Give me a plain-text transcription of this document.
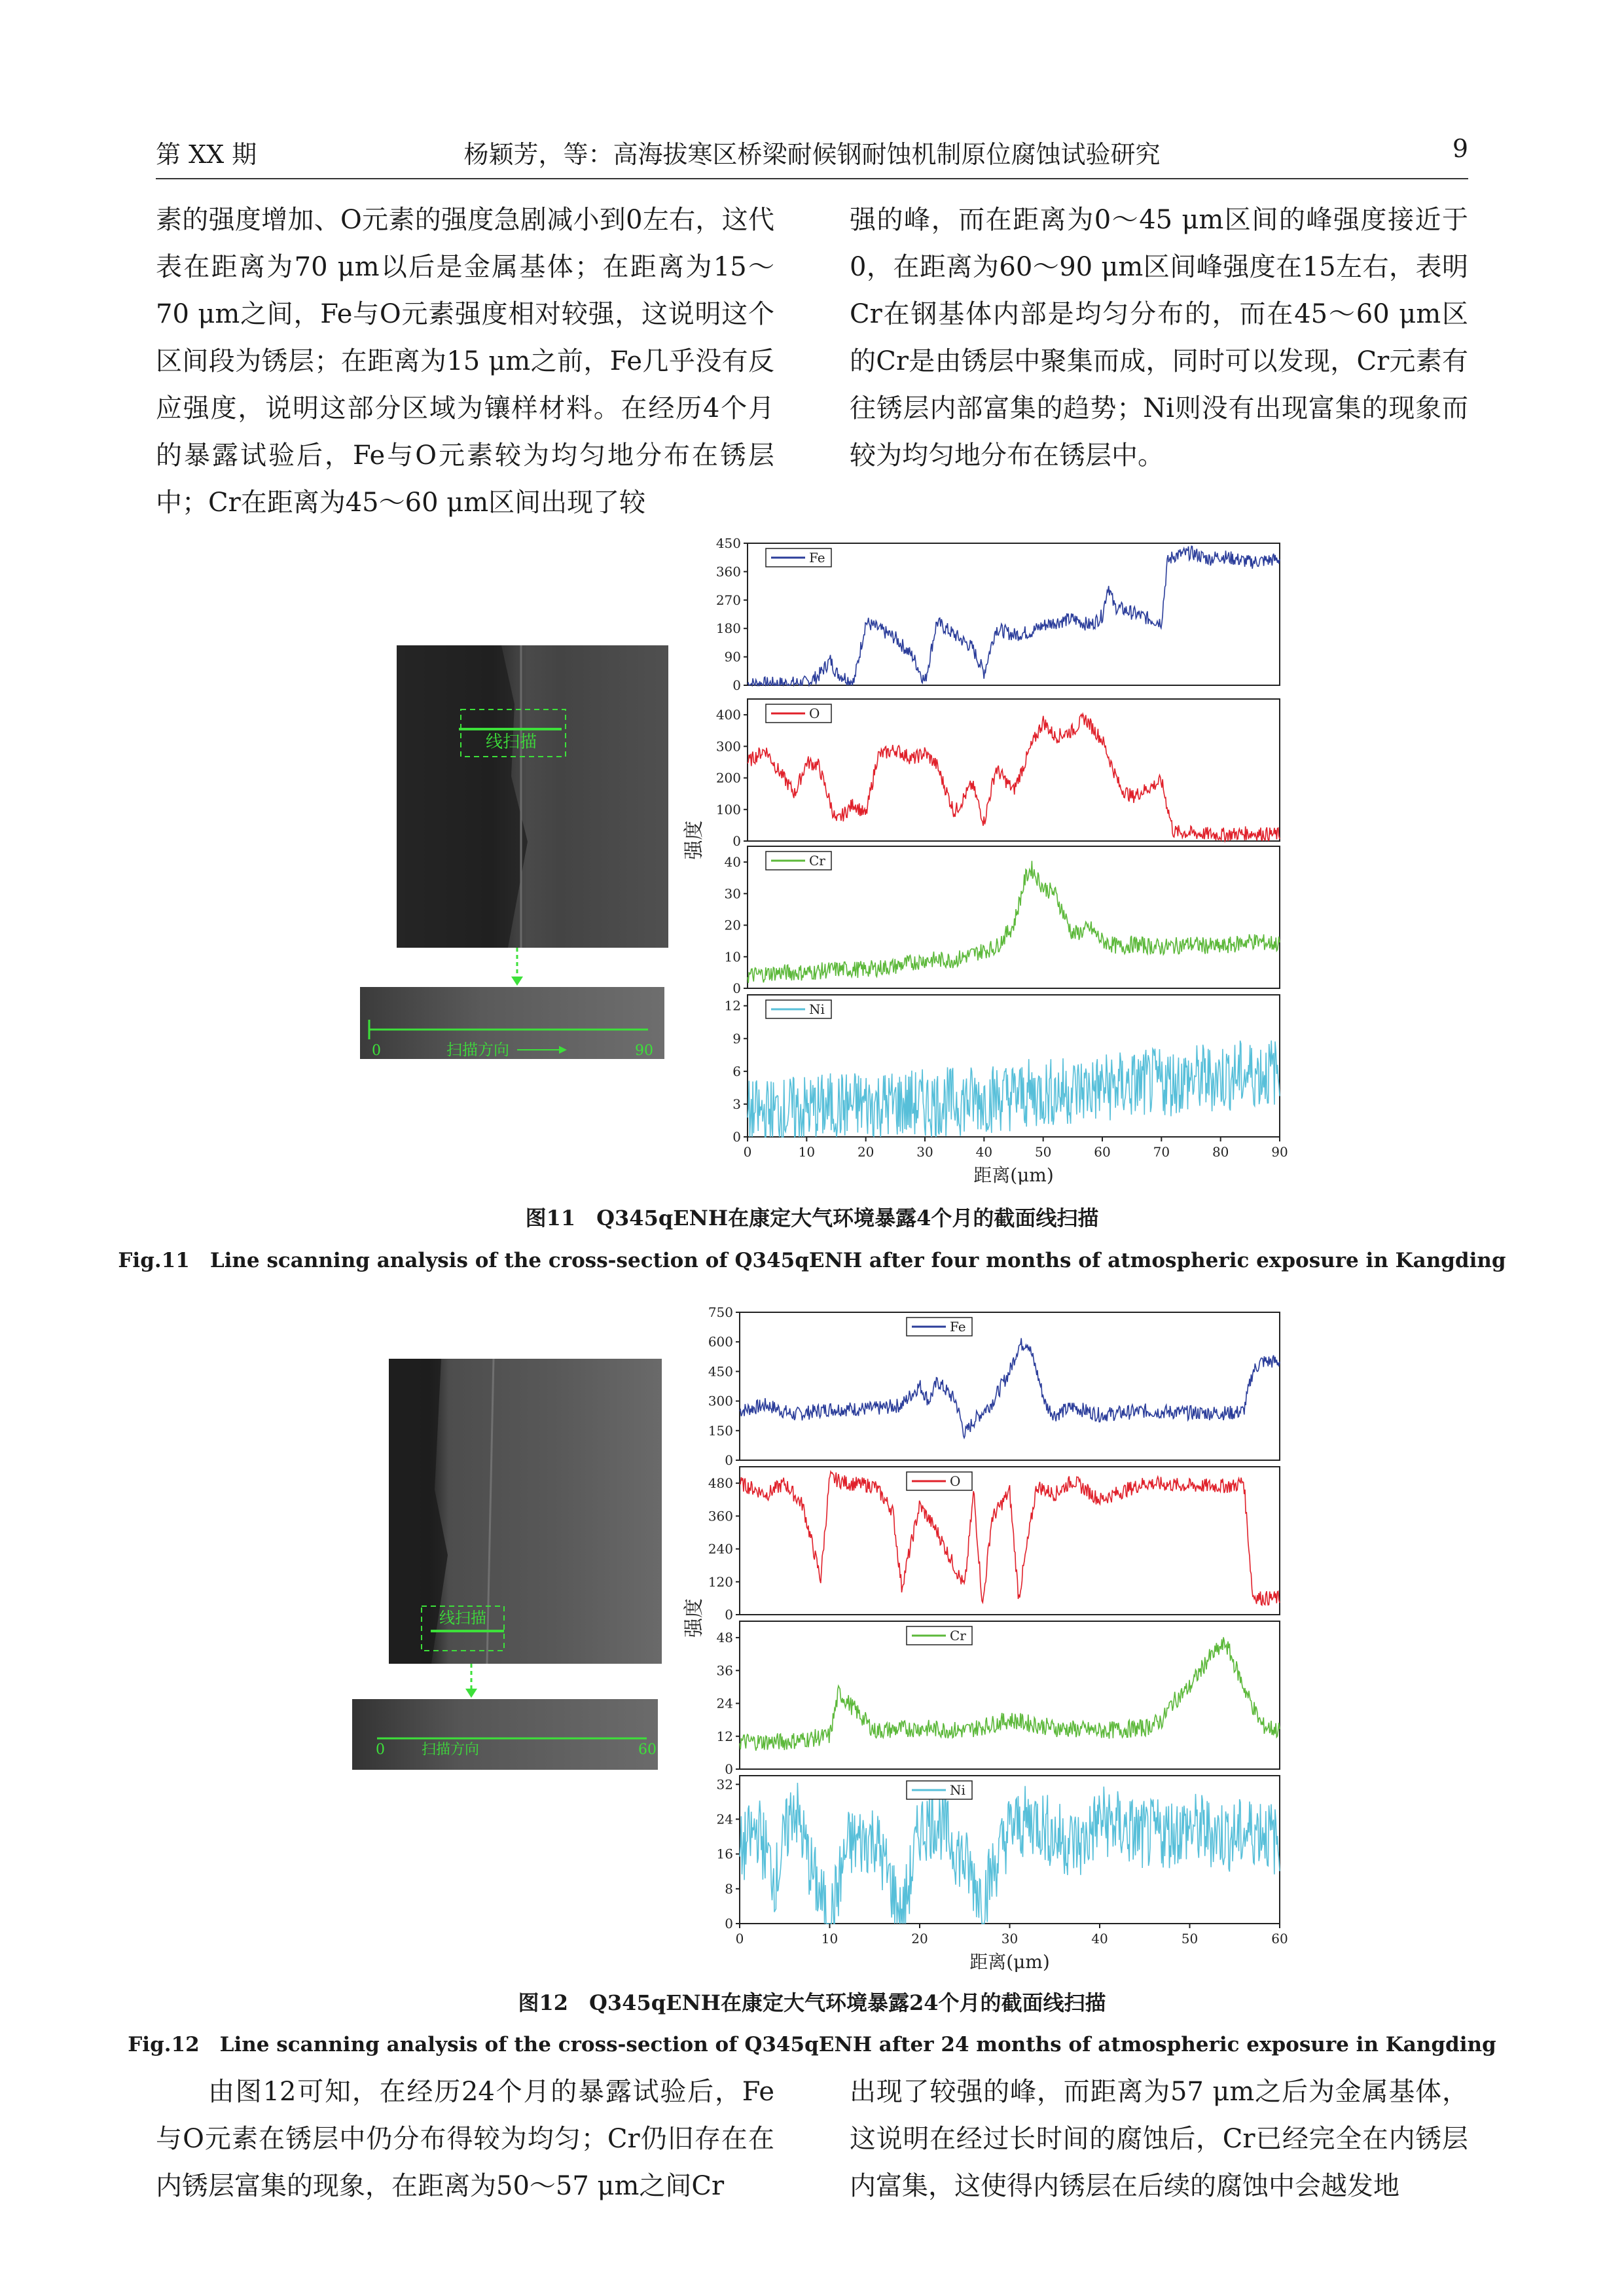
第 XX 期	杨颖芳，等：高海拔寒区桥梁耐候钢耐蚀机制原位腐蚀试验研究	9

素的强度增加、O元素的强度急剧减小到0左右，这代表在距离为70 μm以后是金属基体；在距离为15～70 μm之间，Fe与O元素强度相对较强，这说明这个区间段为锈层；在距离为15 μm之前，Fe几乎没有反应强度，说明这部分区域为镶样材料。在经历4个月的暴露试验后，Fe与O元素较为均匀地分布在锈层中；Cr在距离为45～60 μm区间出现了较

强的峰，而在距离为0～45 μm区间的峰强度接近于0，在距离为60～90 μm区间峰强度在15左右，表明Cr在钢基体内部是均匀分布的，而在45～60 μm区的Cr是由锈层中聚集而成，同时可以发现，Cr元素有往锈层内部富集的趋势；Ni则没有出现富集的现象而较为均匀地分布在锈层中。

线扫描
0	90
扫描方向
0
90
180
270
360
450
Fe
0
100
200
300
400	O
0
10
20
30
40	Cr
0
3
6
9
12	Ni
0	10	20	30	40	50	60	70	80	90
距离(μm)
强度
图11　Q345qENH在康定大气环境暴露4个月的截面线扫描
Fig.11　Line scanning analysis of the cross-section of Q345qENH after four months of atmospheric exposure in Kangding
线扫描
0	60
扫描方向
0
150
300
450
600
750
Fe
0
120
240
360
480	O
0
12
24
36
48	Cr
0
8
16
24
32	Ni
0	10	20	30	40	50	60
距离(μm)
强度
图12　Q345qENH在康定大气环境暴露24个月的截面线扫描
Fig.12　Line scanning analysis of the cross-section of Q345qENH after 24 months of atmospheric exposure in Kangding

由图12可知，在经历24个月的暴露试验后，Fe与O元素在锈层中仍分布得较为均匀；Cr仍旧存在在内锈层富集的现象，在距离为50～57 μm之间Cr

出现了较强的峰，而距离为57 μm之后为金属基体，这说明在经过长时间的腐蚀后，Cr已经完全在内锈层内富集，这使得内锈层在后续的腐蚀中会越发地
